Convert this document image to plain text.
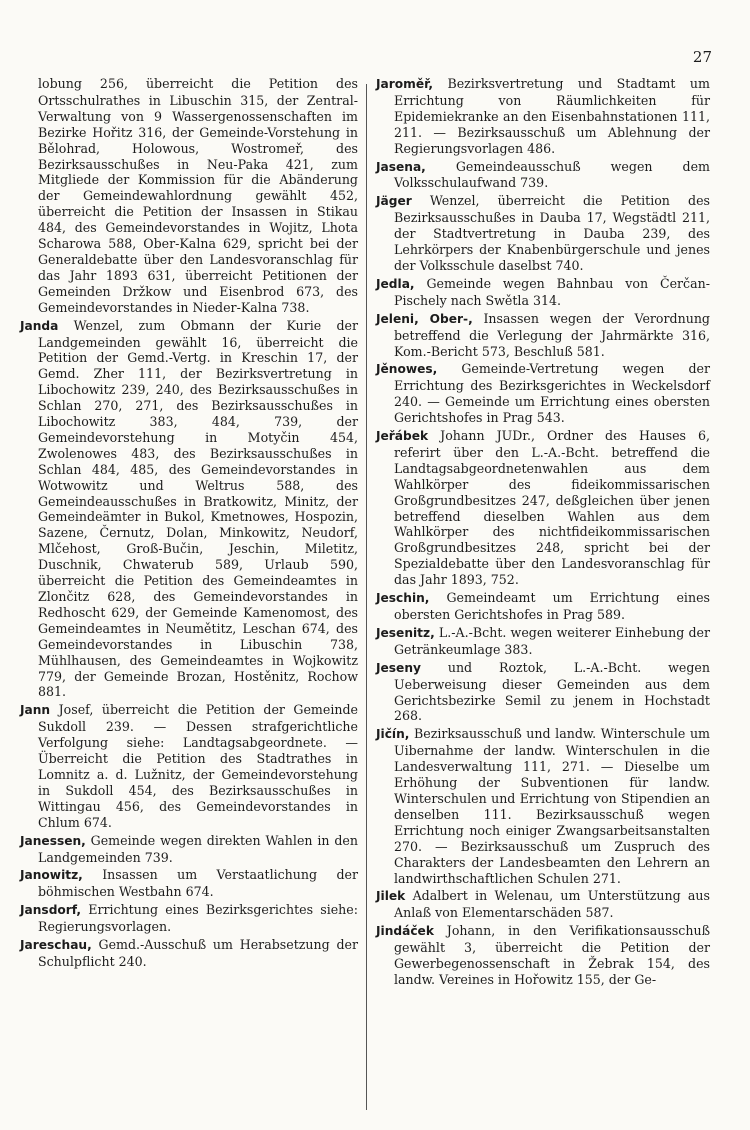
27

lobung 256, überreicht die Petition des Ortsschulrathes in Libuschin 315, der Zentral-Verwaltung von 9 Wassergenossenschaften im Bezirke Hořitz 316, der Gemeinde-Vorstehung in Bělohrad, Holowous, Wostromeř, des Bezirksausschußes in Neu-Paka 421, zum Mitgliede der Kommission für die Abänderung der Gemeindewahlordnung gewählt 452, überreicht die Petition der Insassen in Stikau 484, des Gemeindevorstandes in Wojitz, Lhota Scharowa 588, Ober-Kalna 629, spricht bei der Generaldebatte über den Landesvoranschlag für das Jahr 1893 631, überreicht Petitionen der Gemeinden Držkow und Eisenbrod 673, des Gemeindevorstandes in Nieder-Kalna 738.

Janda Wenzel, zum Obmann der Kurie der Landgemeinden gewählt 16, überreicht die Petition der Gemd.-Vertg. in Kreschin 17, der Gemd. Zher 111, der Bezirksvertretung in Libochowitz 239, 240, des Bezirksausschußes in Schlan 270, 271, des Bezirksausschußes in Libochowitz 383, 484, 739, der Gemeindevorstehung in Motyčin 454, Zwolenowes 483, des Bezirksausschußes in Schlan 484, 485, des Gemeindevorstandes in Wotwowitz und Weltrus 588, des Gemeindeausschußes in Bratkowitz, Minitz, der Gemeindeämter in Bukol, Kmetnowes, Hospozin, Sazene, Černutz, Dolan, Minkowitz, Neudorf, Mlčehost, Groß-Bučin, Jeschin, Miletitz, Duschnik, Chwaterub 589, Urlaub 590, überreicht die Petition des Gemeindeamtes in Zlončitz 628, des Gemeindevorstandes in Redhoscht 629, der Gemeinde Kamenomost, des Gemeindeamtes in Neumětitz, Leschan 674, des Gemeindevorstandes in Libuschin 738, Mühlhausen, des Gemeindeamtes in Wojkowitz 779, der Gemeinde Brozan, Hostěnitz, Rochow 881.

Jann Josef, überreicht die Petition der Gemeinde Sukdoll 239. — Dessen strafgerichtliche Verfolgung siehe: Landtagsabgeordnete. — Überreicht die Petition des Stadtrathes in Lomnitz a. d. Lužnitz, der Gemeindevorstehung in Sukdoll 454, des Bezirksausschußes in Wittingau 456, des Gemeindevorstandes in Chlum 674.

Janessen, Gemeinde wegen direkten Wahlen in den Landgemeinden 739.

Janowitz, Insassen um Verstaatlichung der böhmischen Westbahn 674.

Jansdorf, Errichtung eines Bezirksgerichtes siehe: Regierungsvorlagen.

Jareschau, Gemd.-Ausschuß um Herabsetzung der Schulpflicht 240.

Jaroměř, Bezirksvertretung und Stadtamt um Errichtung von Räumlichkeiten für Epidemiekranke an den Eisenbahnstationen 111, 211. — Bezirksausschuß um Ablehnung der Regierungsvorlagen 486.

Jasena, Gemeindeausschuß wegen dem Volksschulaufwand 739.

Jäger Wenzel, überreicht die Petition des Bezirksausschußes in Dauba 17, Wegstädtl 211, der Stadtvertretung in Dauba 239, des Lehrkörpers der Knabenbürgerschule und jenes der Volksschule daselbst 740.

Jedla, Gemeinde wegen Bahnbau von Čerčan-Pischely nach Swětla 314.

Jeleni, Ober-, Insassen wegen der Verordnung betreffend die Verlegung der Jahrmärkte 316, Kom.-Bericht 573, Beschluß 581.

Jěnowes, Gemeinde-Vertretung wegen der Errichtung des Bezirksgerichtes in Weckelsdorf 240. — Gemeinde um Errichtung eines obersten Gerichtshofes in Prag 543.

Jeřábek Johann JUDr., Ordner des Hauses 6, referirt über den L.-A.-Bcht. betreffend die Landtagsabgeordnetenwahlen aus dem Wahlkörper des fideikommissarischen Großgrundbesitzes 247, deßgleichen über jenen betreffend dieselben Wahlen aus dem Wahlkörper des nichtfideikommissarischen Großgrundbesitzes 248, spricht bei der Spezialdebatte über den Landesvoranschlag für das Jahr 1893, 752.

Jeschin, Gemeindeamt um Errichtung eines obersten Gerichtshofes in Prag 589.

Jesenitz, L.-A.-Bcht. wegen weiterer Einhebung der Getränkeumlage 383.

Jeseny und Roztok, L.-A.-Bcht. wegen Ueberweisung dieser Gemeinden aus dem Gerichtsbezirke Semil zu jenem in Hochstadt 268.

Jičín, Bezirksausschuß und landw. Winterschule um Uibernahme der landw. Winterschulen in die Landesverwaltung 111, 271. — Dieselbe um Erhöhung der Subventionen für landw. Winterschulen und Errichtung von Stipendien an denselben 111. Bezirksausschuß wegen Errichtung noch einiger Zwangsarbeitsanstalten 270. — Bezirksausschuß um Zuspruch des Charakters der Landesbeamten den Lehrern an landwirthschaftlichen Schulen 271.

Jilek Adalbert in Welenau, um Unterstützung aus Anlaß von Elementarschäden 587.

Jindáček Johann, in den Verifikationsausschuß gewählt 3, überreicht die Petition der Gewerbegenossenschaft in Žebrak 154, des landw. Vereines in Hořowitz 155, der Ge-
